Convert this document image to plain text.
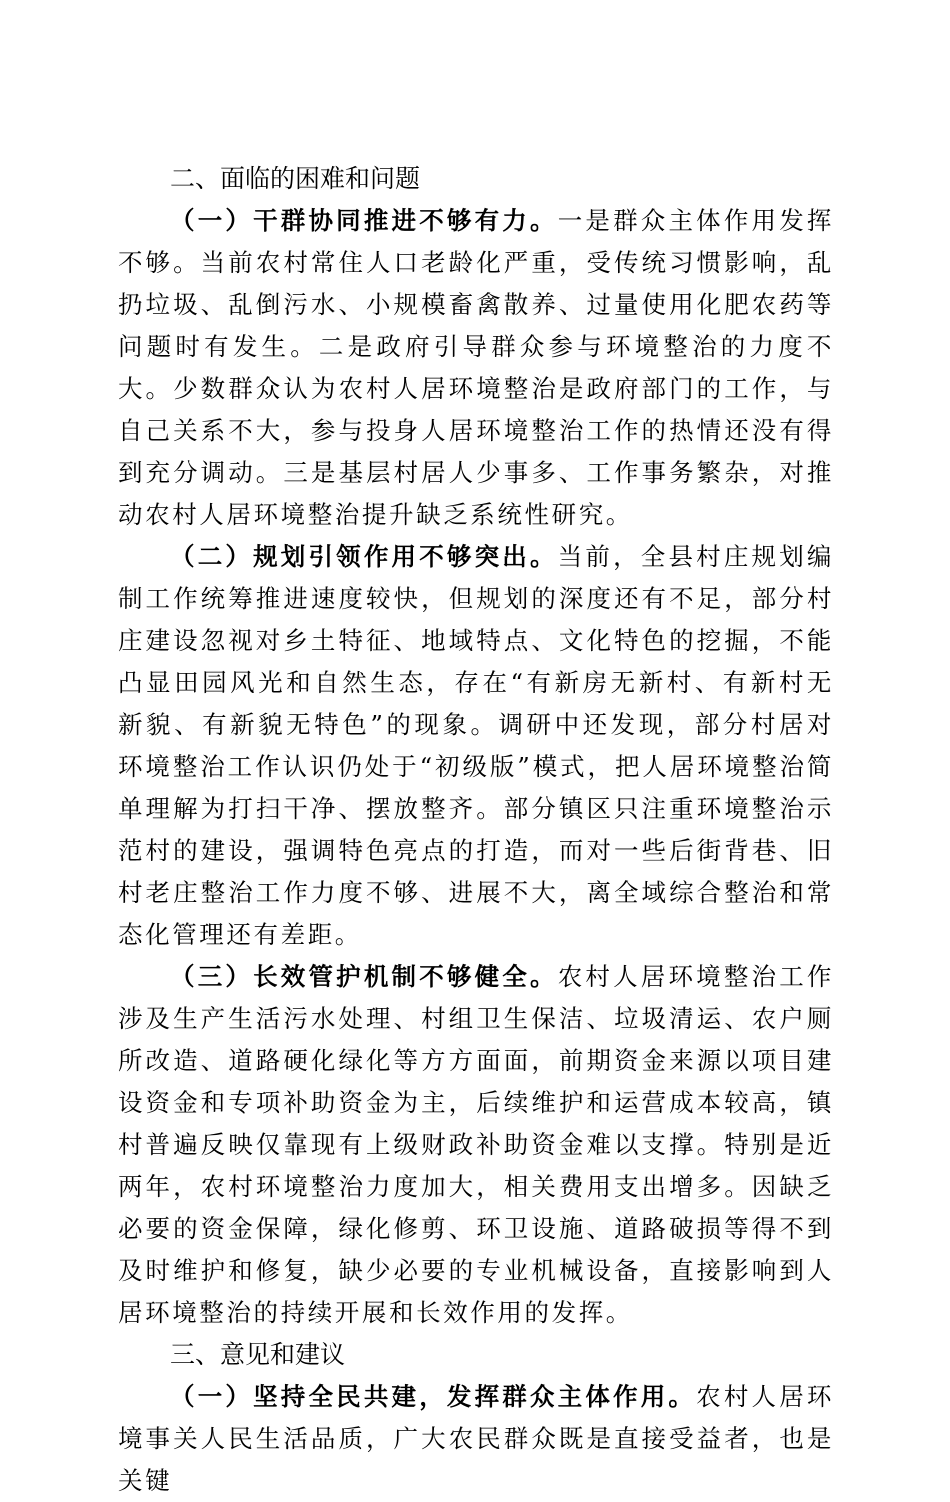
二、面临的困难和问题

（一）干群协同推进不够有力。一是群众主体作用发挥不够。当前农村常住人口老龄化严重，受传统习惯影响，乱扔垃圾、乱倒污水、小规模畜禽散养、过量使用化肥农药等问题时有发生。二是政府引导群众参与环境整治的力度不大。少数群众认为农村人居环境整治是政府部门的工作，与自己关系不大，参与投身人居环境整治工作的热情还没有得到充分调动。三是基层村居人少事多、工作事务繁杂，对推动农村人居环境整治提升缺乏系统性研究。

（二）规划引领作用不够突出。当前，全县村庄规划编制工作统筹推进速度较快，但规划的深度还有不足，部分村庄建设忽视对乡土特征、地域特点、文化特色的挖掘，不能凸显田园风光和自然生态，存在“有新房无新村、有新村无新貌、有新貌无特色”的现象。调研中还发现，部分村居对环境整治工作认识仍处于“初级版”模式，把人居环境整治简单理解为打扫干净、摆放整齐。部分镇区只注重环境整治示范村的建设，强调特色亮点的打造，而对一些后街背巷、旧村老庄整治工作力度不够、进展不大，离全域综合整治和常态化管理还有差距。

（三）长效管护机制不够健全。农村人居环境整治工作涉及生产生活污水处理、村组卫生保洁、垃圾清运、农户厕所改造、道路硬化绿化等方方面面，前期资金来源以项目建设资金和专项补助资金为主，后续维护和运营成本较高，镇村普遍反映仅靠现有上级财政补助资金难以支撑。特别是近两年，农村环境整治力度加大，相关费用支出增多。因缺乏必要的资金保障，绿化修剪、环卫设施、道路破损等得不到及时维护和修复，缺少必要的专业机械设备，直接影响到人居环境整治的持续开展和长效作用的发挥。

三、意见和建议

（一）坚持全民共建，发挥群众主体作用。农村人居环境事关人民生活品质，广大农民群众既是直接受益者，也是关键
